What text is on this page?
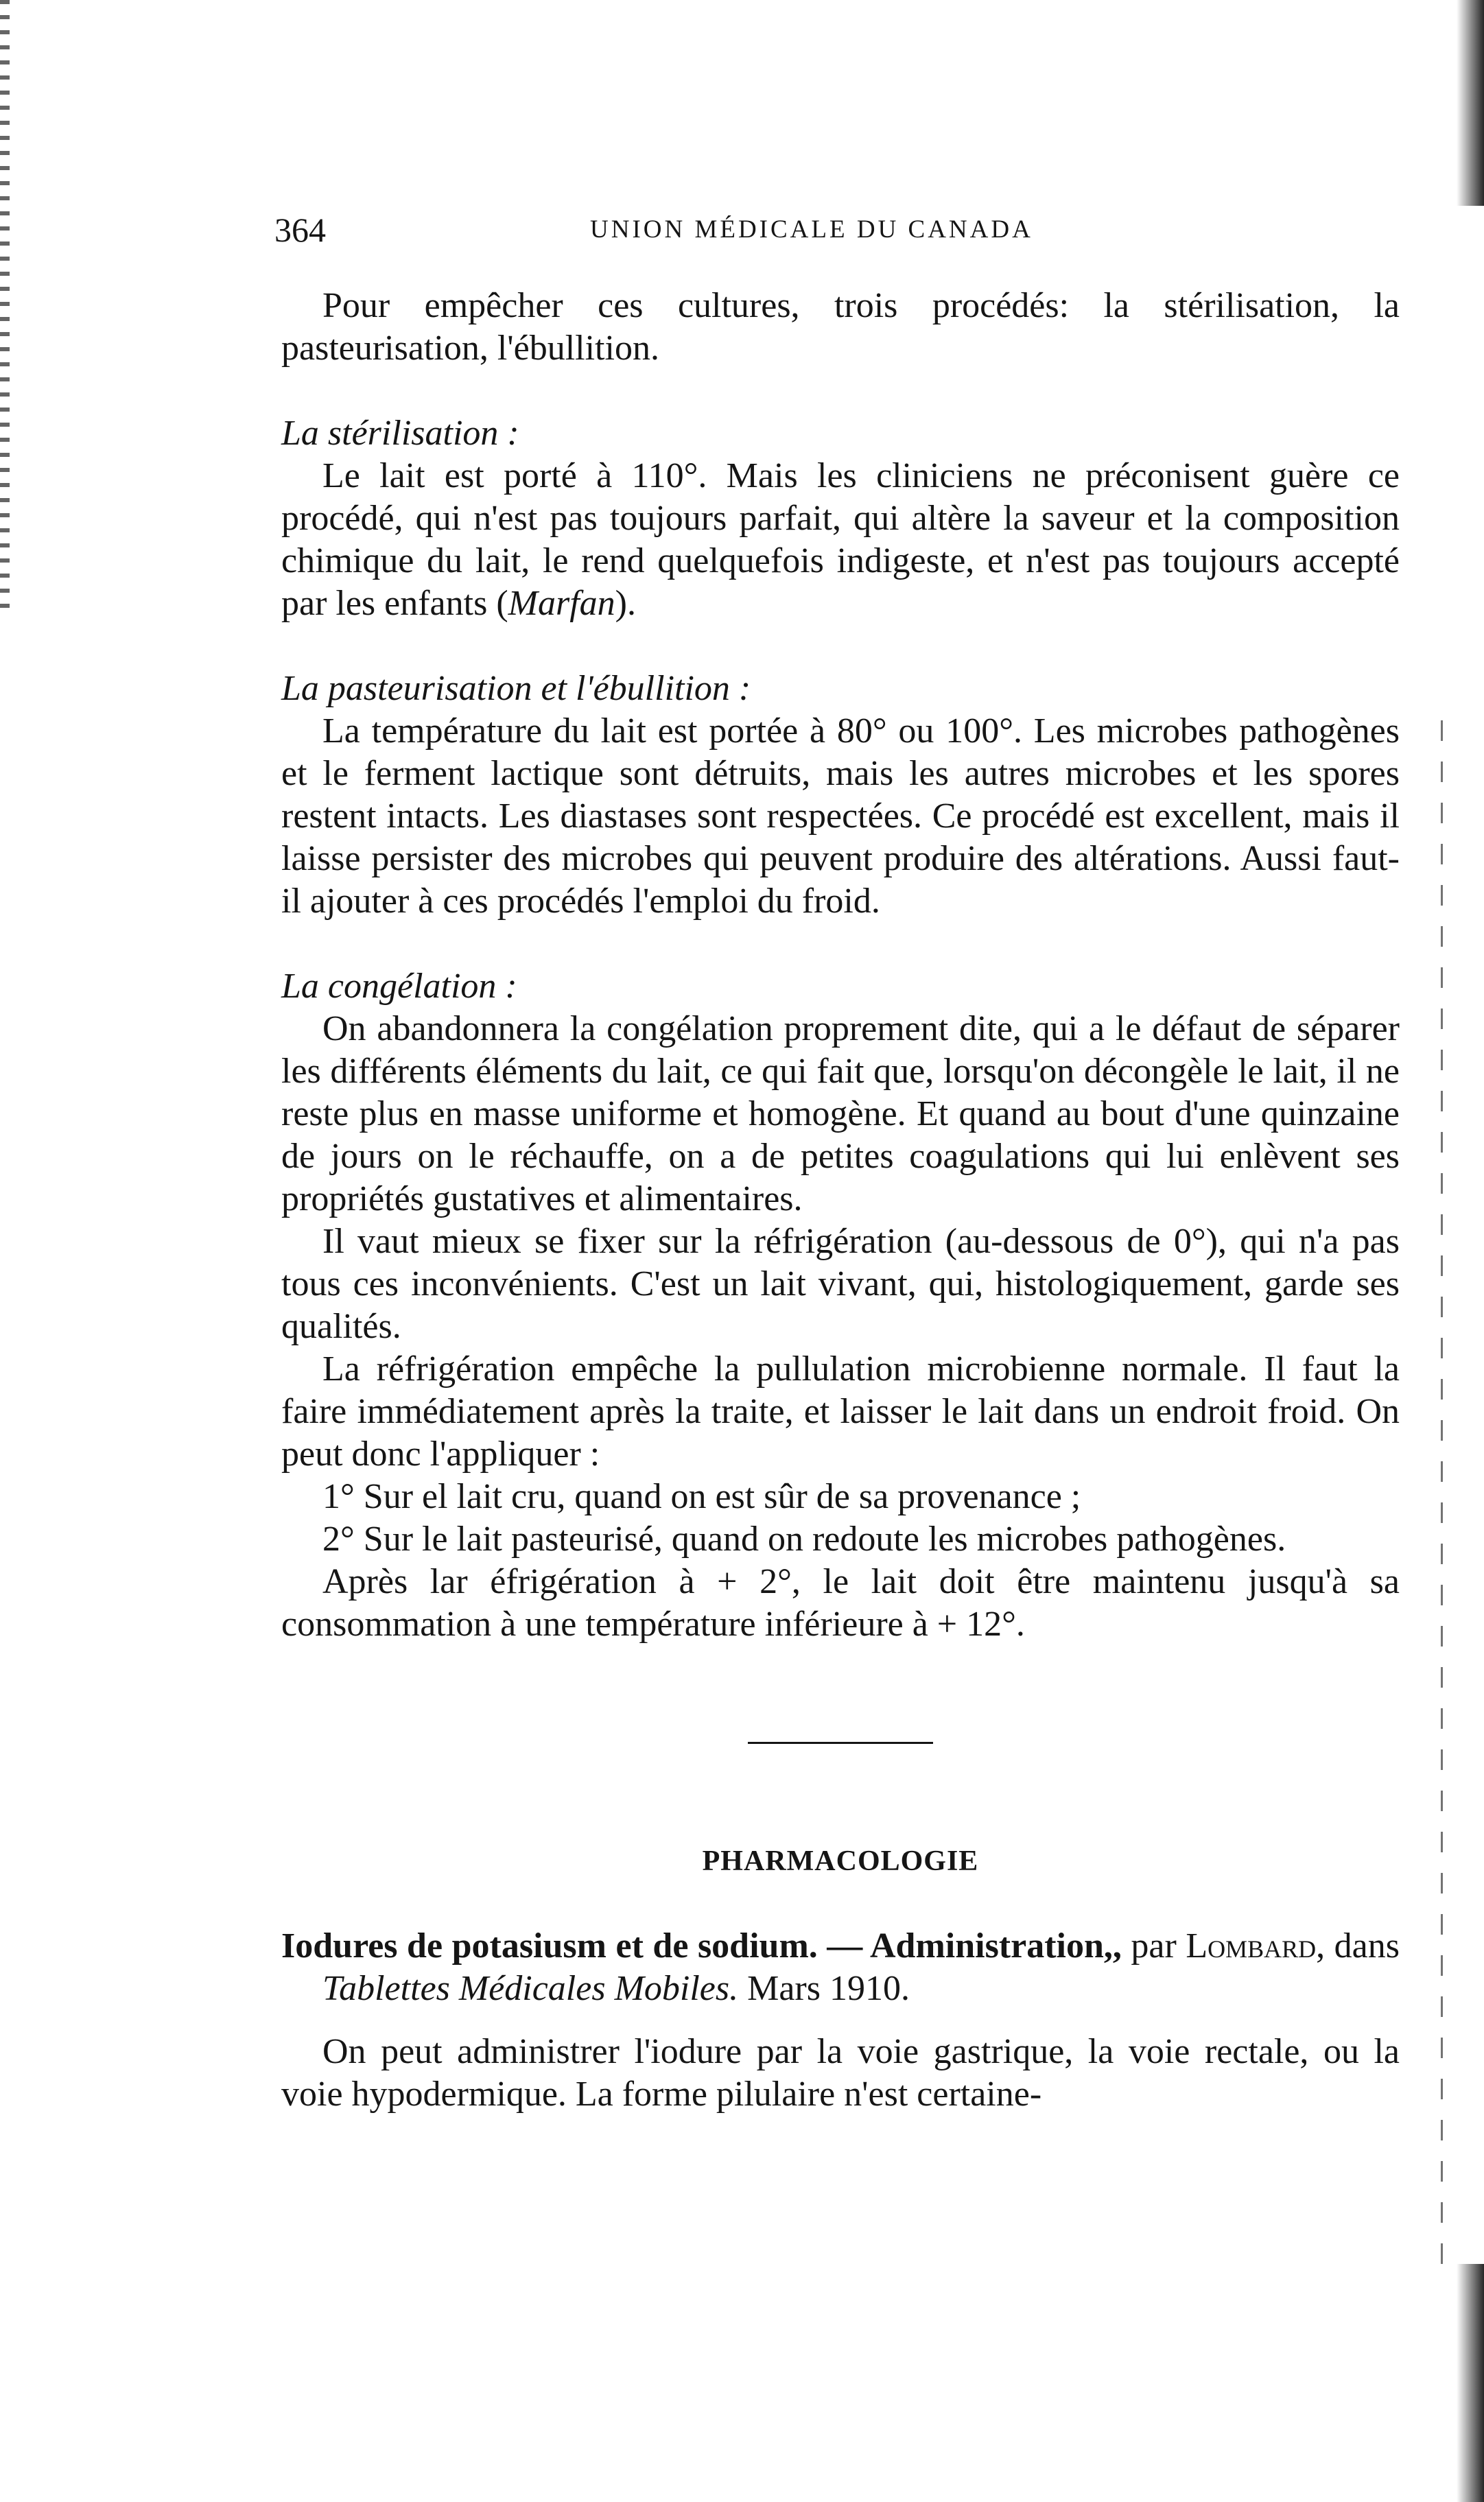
364	UNION MÉDICALE DU CANADA

Pour empêcher ces cultures, trois procédés: la stérilisation, la pasteurisation, l'ébullition.

La stérilisation :

Le lait est porté à 110°. Mais les cliniciens ne préconisent guère ce procédé, qui n'est pas toujours parfait, qui altère la saveur et la composition chimique du lait, le rend quelquefois indigeste, et n'est pas toujours accepté par les enfants (Marfan).

La pasteurisation et l'ébullition :

La température du lait est portée à 80° ou 100°. Les microbes pathogènes et le ferment lactique sont détruits, mais les autres microbes et les spores restent intacts. Les diastases sont respectées. Ce procédé est excellent, mais il laisse persister des microbes qui peuvent produire des altérations. Aussi faut-il ajouter à ces procédés l'emploi du froid.

La congélation :

On abandonnera la congélation proprement dite, qui a le défaut de séparer les différents éléments du lait, ce qui fait que, lorsqu'on décongèle le lait, il ne reste plus en masse uniforme et homogène. Et quand au bout d'une quinzaine de jours on le réchauffe, on a de petites coagulations qui lui enlèvent ses propriétés gustatives et alimentaires.

Il vaut mieux se fixer sur la réfrigération (au-dessous de 0°), qui n'a pas tous ces inconvénients. C'est un lait vivant, qui, histologiquement, garde ses qualités.

La réfrigération empêche la pullulation microbienne normale. Il faut la faire immédiatement après la traite, et laisser le lait dans un endroit froid. On peut donc l'appliquer :

1° Sur el lait cru, quand on est sûr de sa provenance ;

2° Sur le lait pasteurisé, quand on redoute les microbes pathogènes.

Après lar éfrigération à + 2°, le lait doit être maintenu jusqu'à sa consommation à une température inférieure à + 12°.

PHARMACOLOGIE

Iodures de potasiusm et de sodium. — Administration,, par Lombard, dans Tablettes Médicales Mobiles. Mars 1910.

On peut administrer l'iodure par la voie gastrique, la voie rectale, ou la voie hypodermique. La forme pilulaire n'est certaine-
